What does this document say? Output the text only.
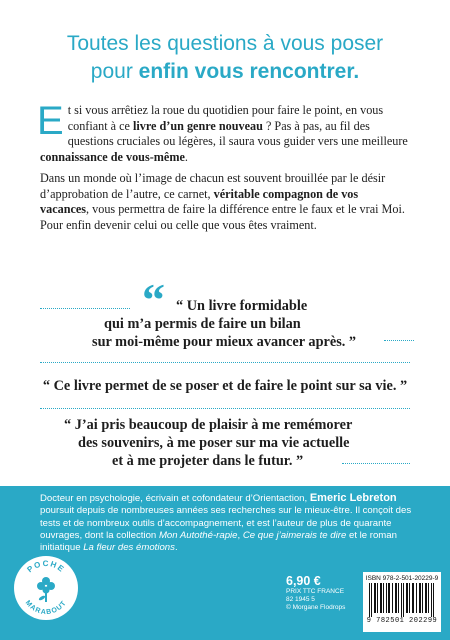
Toutes les questions à vous poser
pour enfin vous rencontrer.
Et si vous arrêtiez la roue du quotidien pour faire le point, en vous confiant à ce livre d’un genre nouveau ? Pas à pas, au fil des questions cruciales ou légères, il saura vous guider vers une meilleure connaissance de vous-même.
Dans un monde où l’image de chacun est souvent brouillée par le désir d’approbation de l’autre, ce carnet, véritable compagnon de vos vacances, vous permettra de faire la différence entre le faux et le vrai Moi. Pour enfin devenir celui ou celle que vous êtes vraiment.
“ “ Un livre formidable
qui m’a permis de faire un bilan
sur moi-même pour mieux avancer après. ”
“ Ce livre permet de se poser et de faire le point sur sa vie. ”
“ J’ai pris beaucoup de plaisir à me remémorer
des souvenirs, à me poser sur ma vie actuelle
et à me projeter dans le futur. ”
Docteur en psychologie, écrivain et cofondateur d’Orientaction, Emeric Lebreton poursuit depuis de nombreuses années ses recherches sur le mieux-être. Il conçoit des tests et de nombreux outils d’accompagnement, et est l’auteur de plus de quarante ouvrages, dont la collection Mon Autothé-rapie, Ce que j’aimerais te dire et le roman initiatique La fleur des émotions.
POCHE
MARABOUT
6,90 €
PRIX TTC FRANCE
82 1945 5
© Morgane Flodrops
ISBN 978-2-501-20229-9
9 782501 202299
